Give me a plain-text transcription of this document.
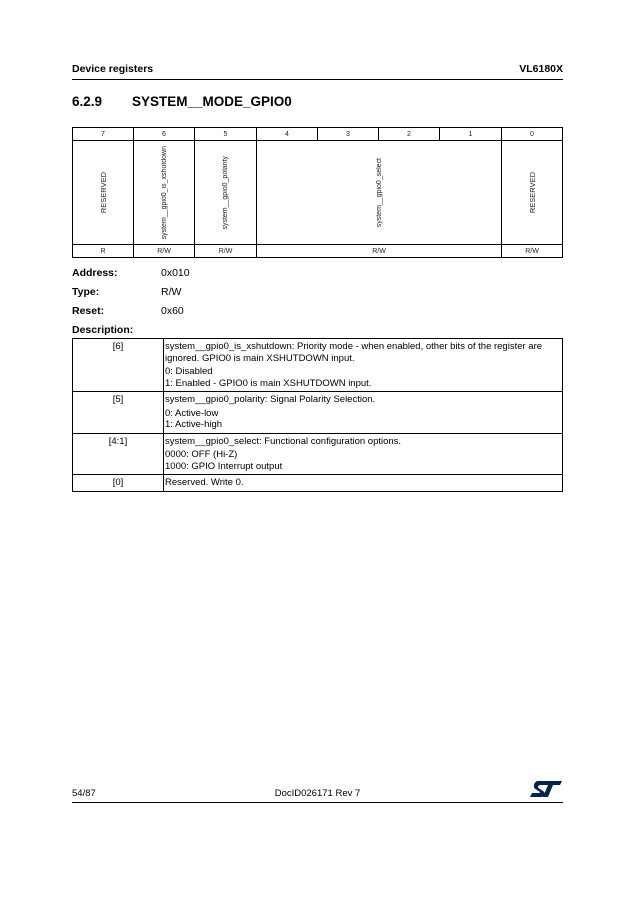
Device registers	VL6180X
6.2.9 SYSTEM__MODE_GPIO0
7	6	5	4	3	2	1	0
RESERVED	system__gpio0_is_xshutdown	system__gpio0_polarity	system__gpio0_select	RESERVED
R	R/W	R/W	R/W	R/W
Address:	0x010
Type:	R/W
Reset:	0x60
Description:
[6]	system__gpio0_is_xshutdown: Priority mode - when enabled, other bits of the register are ignored. GPIO0 is main XSHUTDOWN input.

0: Disabled

1: Enabled - GPIO0 is main XSHUTDOWN input.

[5]	system__gpio0_polarity: Signal Polarity Selection.

0: Active-low

1: Active-high

[4:1]	system__gpio0_select: Functional configuration options.

0000: OFF (Hi-Z)

1000: GPIO Interrupt output

[0]	Reserved. Write 0.

54/87	DocID026171 Rev 7
